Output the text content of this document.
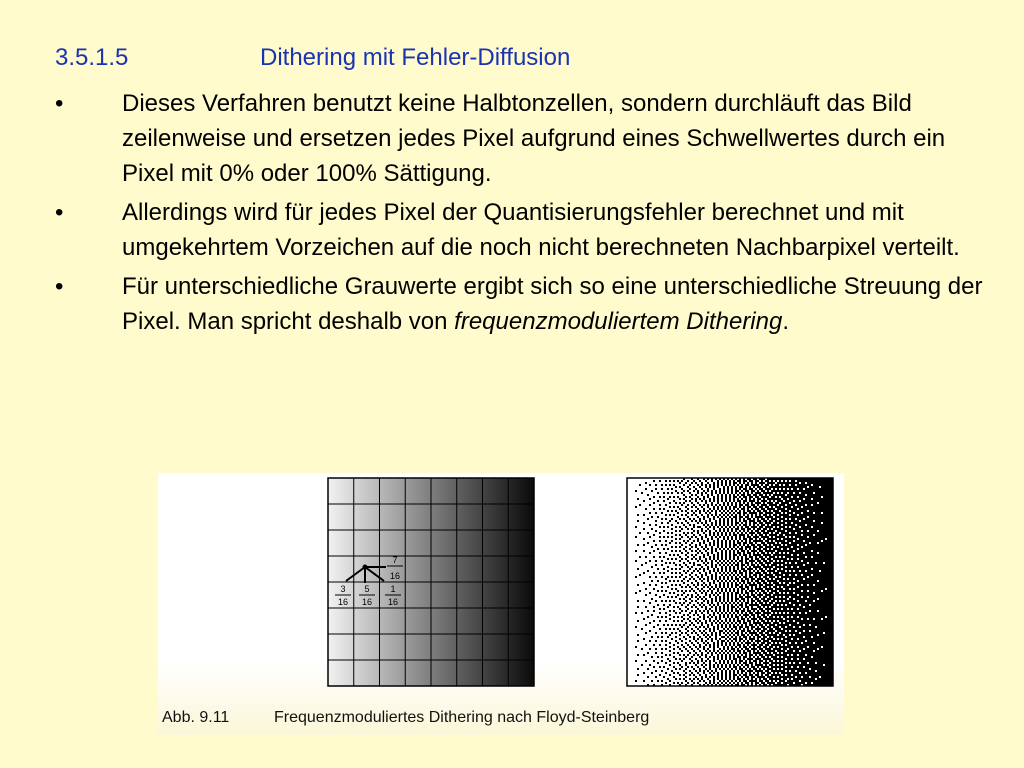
3.5.1.5	Dithering mit Fehler-Diffusion
•	Dieses Verfahren benutzt keine Halbtonzellen, sondern durchläuft das Bild zeilenweise und ersetzen jedes Pixel aufgrund eines Schwellwertes durch ein Pixel mit 0% oder 100% Sättigung.
•	Allerdings wird für jedes Pixel der Quantisierungsfehler berechnet und mit umgekehrtem Vorzeichen auf die noch nicht berechneten Nachbarpixel verteilt.
•	Für unterschiedliche Grauwerte ergibt sich so eine unterschiedliche Streuung der Pixel. Man spricht deshalb von frequenzmoduliertem Dithering.
7
16
3
16
5
16
1
16
Abb. 9.11	Frequenzmoduliertes Dithering nach Floyd-Steinberg
